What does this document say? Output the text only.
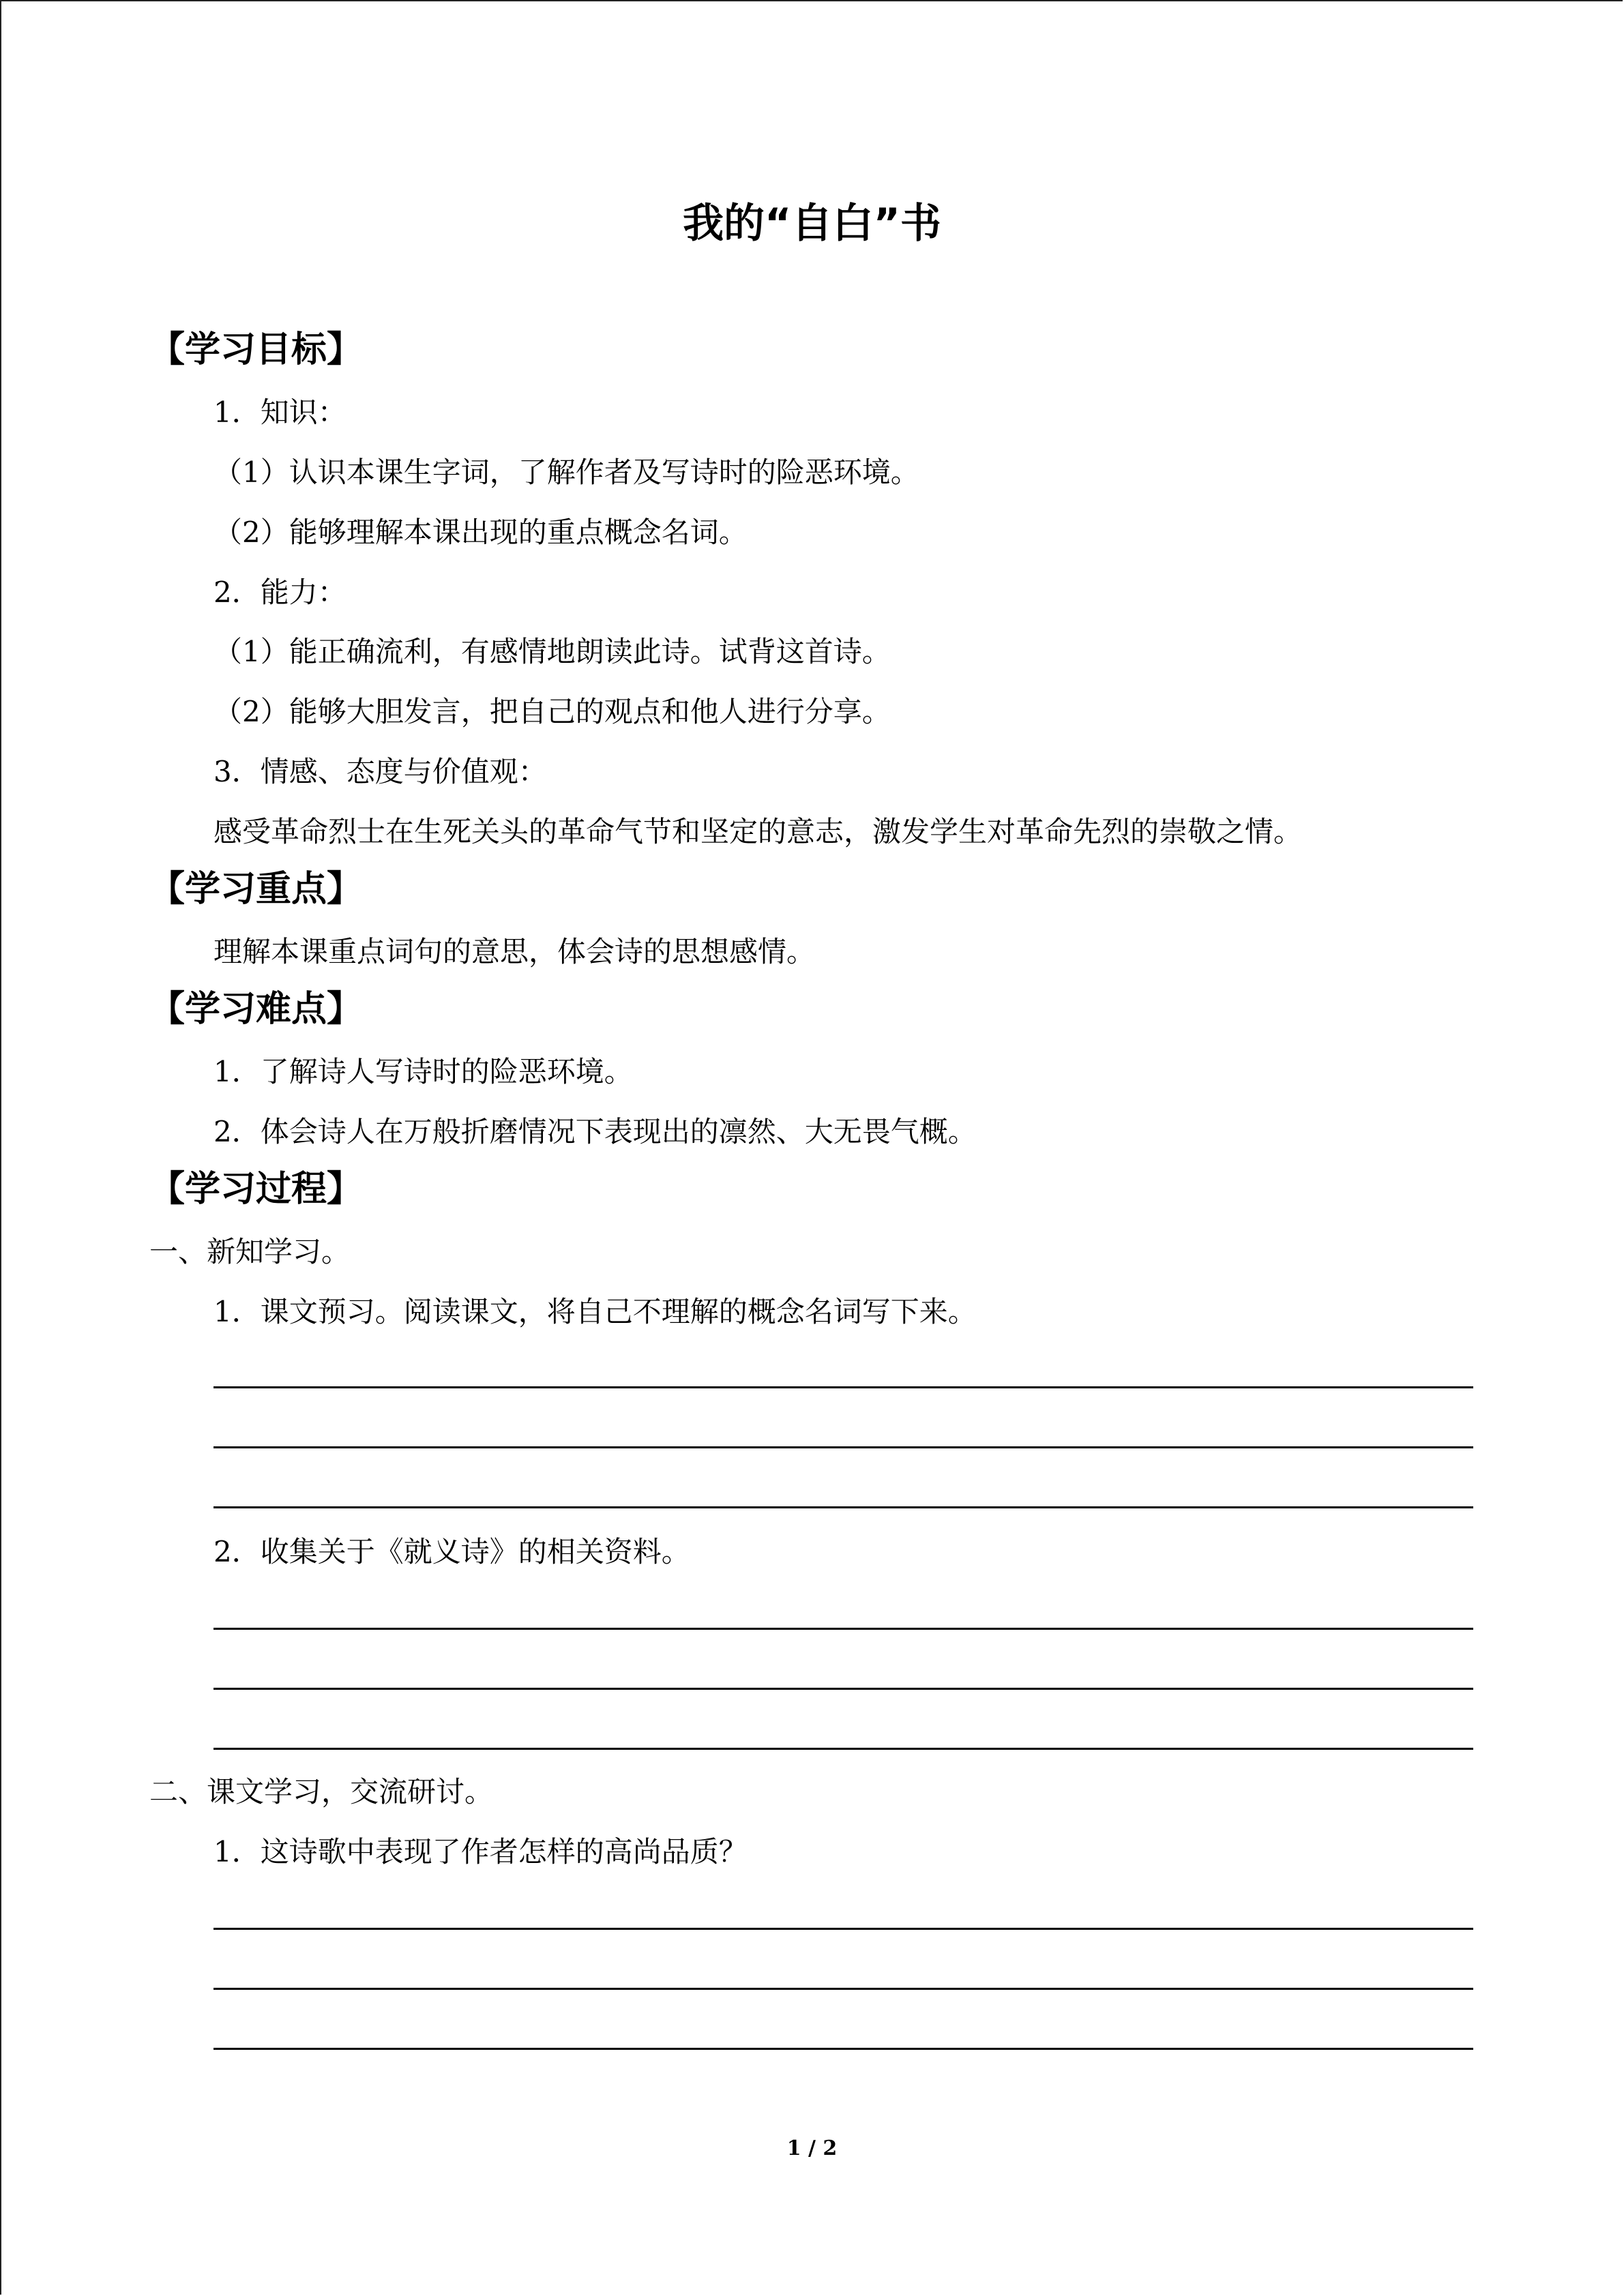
我的“自白”书
【学习目标】
1．知识：
（1）认识本课生字词，了解作者及写诗时的险恶环境。
（2）能够理解本课出现的重点概念名词。
2．能力：
（1）能正确流利，有感情地朗读此诗。试背这首诗。
（2）能够大胆发言，把自己的观点和他人进行分享。
3．情感、态度与价值观：
感受革命烈士在生死关头的革命气节和坚定的意志，激发学生对革命先烈的崇敬之情。
【学习重点】
理解本课重点词句的意思，体会诗的思想感情。
【学习难点】
1．了解诗人写诗时的险恶环境。
2．体会诗人在万般折磨情况下表现出的凛然、大无畏气概。
【学习过程】
一、新知学习。
1．课文预习。阅读课文，将自己不理解的概念名词写下来。
2．收集关于《就义诗》的相关资料。
二、课文学习，交流研讨。
1．这诗歌中表现了作者怎样的高尚品质？
1 / 2
